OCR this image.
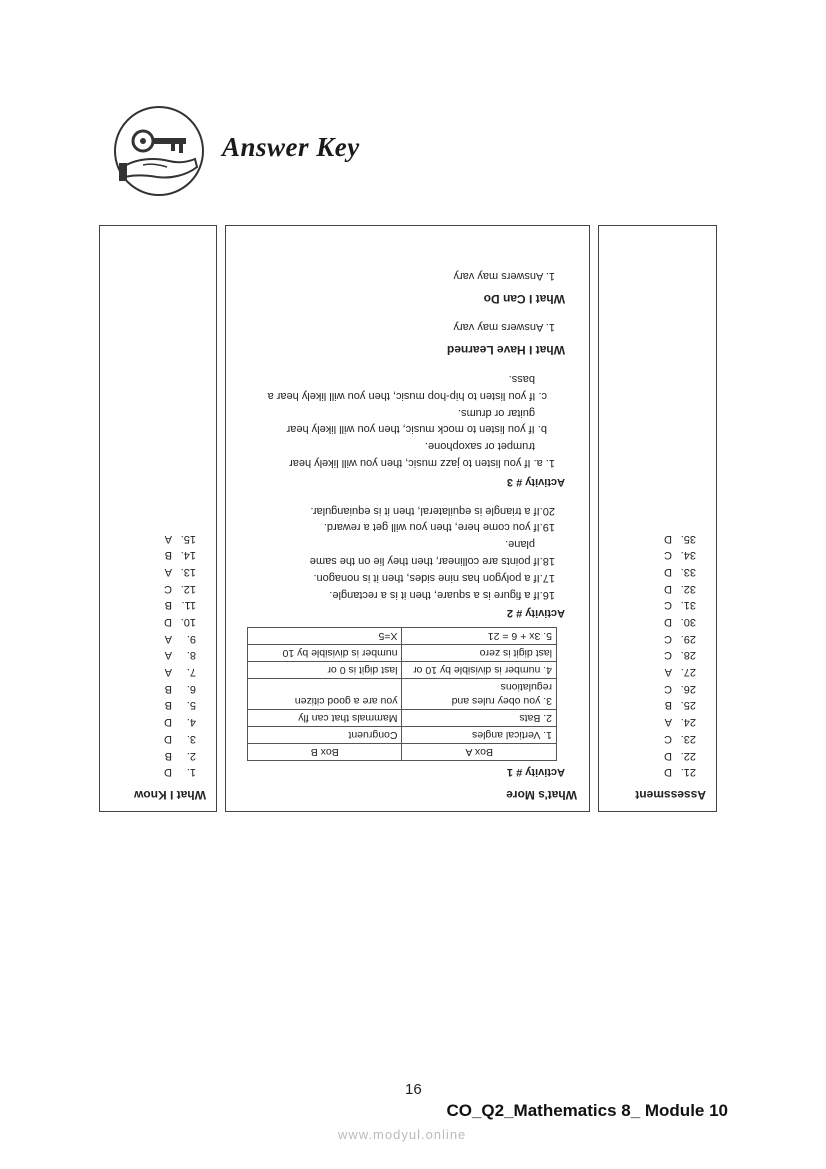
Answer Key
What I Know
1.D
2.B
3.D
4.D
5.B
6.B
7.A
8.A
9.A
10.D
11.B
12.C
13.A
14.B
15.A
What's More
Activity # 1
Box A	Box B
1. Vertical angles	Congruent
2. Bats	Mammals that can fly
3. you obey rules and regulations	you are a good citizen
4. number is divisible by 10 or	last digit is 0 or
last digit is zero	number is divisible by 10
5. 3x + 6 = 21	X=5
Activity # 2

16.If a figure is a square, then it is a rectangle.

17.If a polygon has nine sides, then it is nonagon.

18.If points are collinear, then they lie on the same

plane.

19.If you come here, then you will get a reward.

20.If a triangle is equilateral, then it is equiangular.

Activity # 3

1. a. If you listen to jazz music, then you will likely hear

trumpet or saxophone.

b. If you listen to mock music, then you will likely hear

guitar or drums.

c. If you listen to hip-hop music, then you will likely hear a

bass.

What I Have Learned

1. Answers may vary

What I Can Do

1. Answers may vary

Assessment
21.D
22.D
23.C
24.A
25.B
26.C
27.A
28.C
29.C
30.D
31.C
32.D
33.D
34.C
35.D
16
CO_Q2_Mathematics 8_ Module 10
www.modyul.online
